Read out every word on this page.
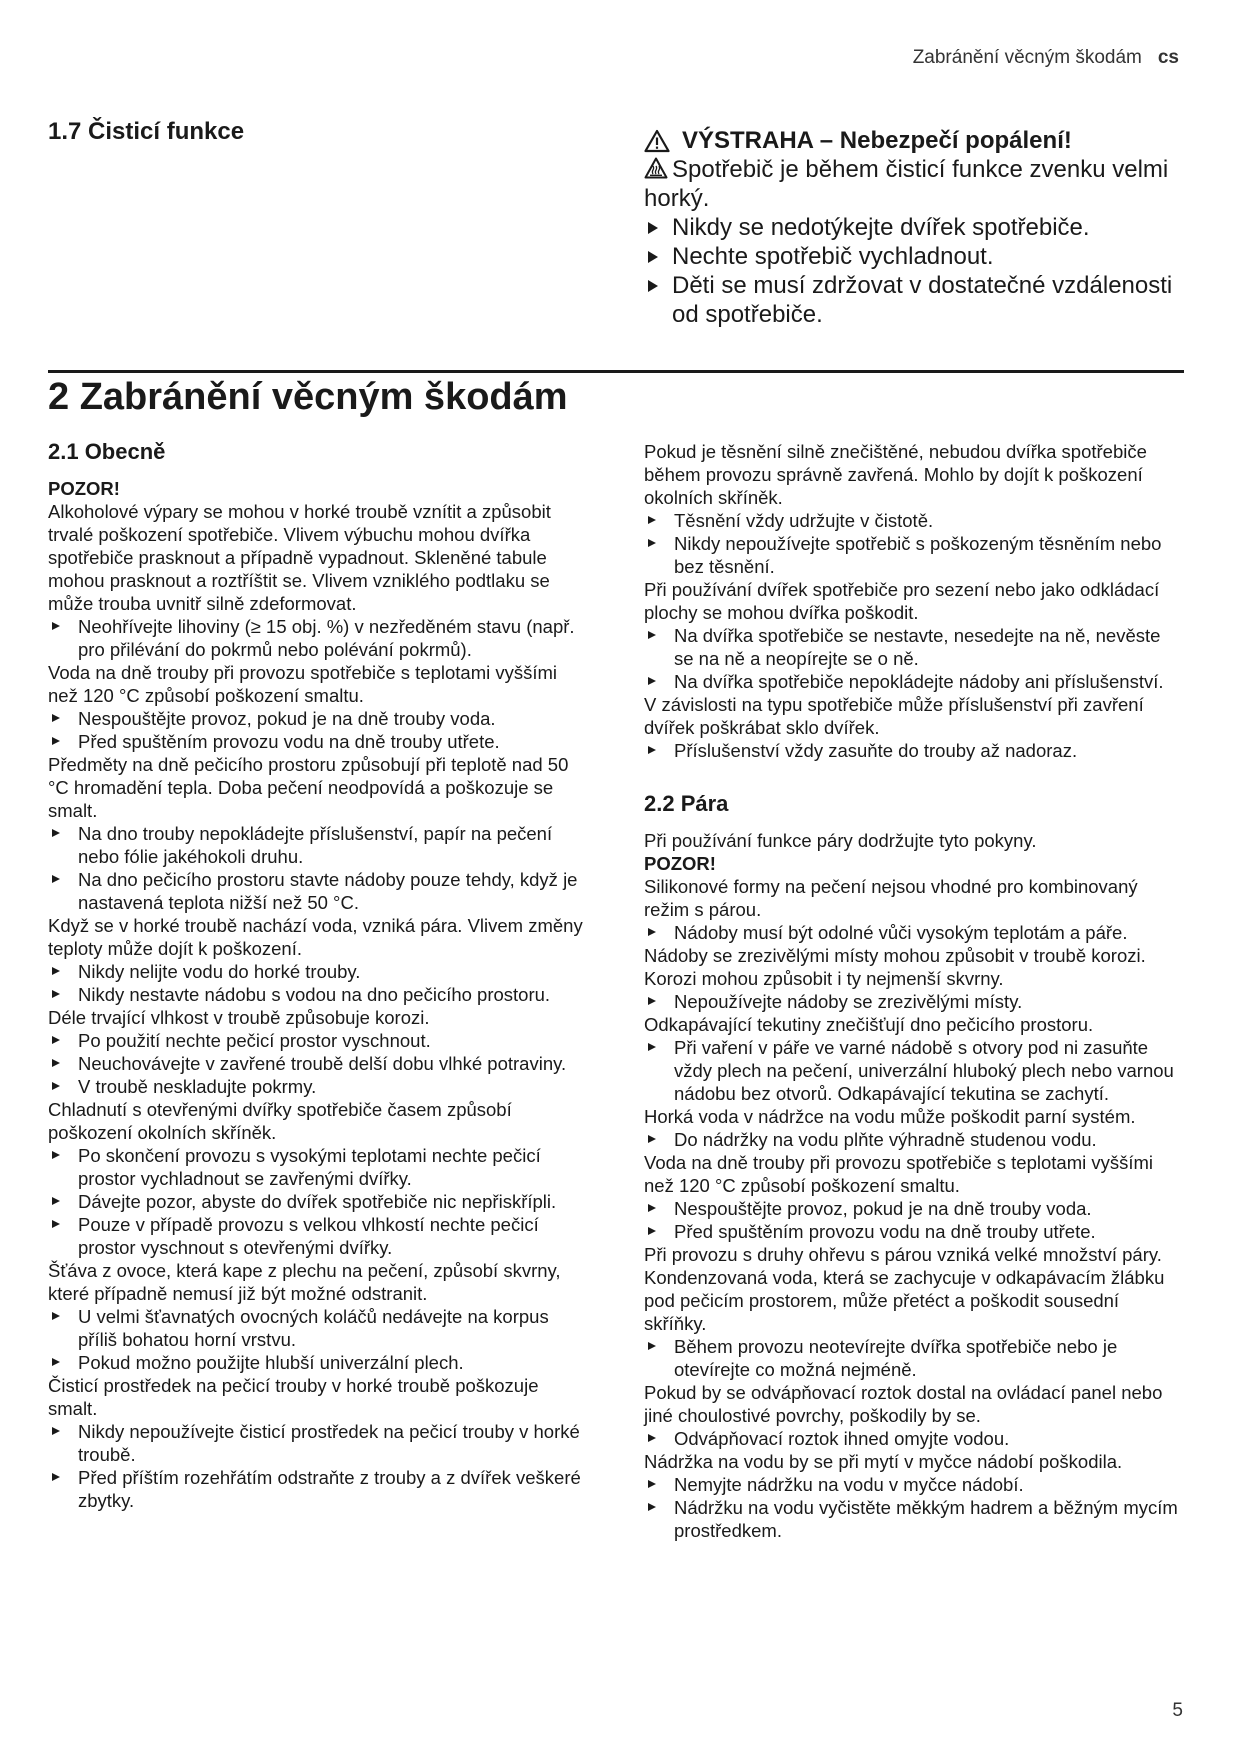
Zabránění věcným škodám cs
1.7 Čisticí funkce	VÝSTRAHA – Nebezpečí popálení!
Spotřebič je během čisticí funkce zvenku velmi horký.
Nikdy se nedotýkejte dvířek spotřebiče.
Nechte spotřebič vychladnout.
Děti se musí zdržovat v dostatečné vzdálenosti od spotřebiče.
2 Zabránění věcným škodám
2.1 Obecně
POZOR!
Alkoholové výpary se mohou v horké troubě vznítit a způsobit trvalé poškození spotřebiče. Vlivem výbuchu mohou dvířka spotřebiče prasknout a případně vypadnout. Skleněné tabule mohou prasknout a roztříštit se. Vlivem vzniklého podtlaku se může trouba uvnitř silně zdeformovat.
Neohřívejte lihoviny (≥ 15 obj. %) v nezředěném stavu (např. pro přilévání do pokrmů nebo polévání pokrmů).
Voda na dně trouby při provozu spotřebiče s teplotami vyššími než 120 °C způsobí poškození smaltu.
Nespouštějte provoz, pokud je na dně trouby voda.
Před spuštěním provozu vodu na dně trouby utřete.
Předměty na dně pečicího prostoru způsobují při teplotě nad 50 °C hromadění tepla. Doba pečení neodpovídá a poškozuje se smalt.
Na dno trouby nepokládejte příslušenství, papír na pečení nebo fólie jakéhokoli druhu.
Na dno pečicího prostoru stavte nádoby pouze tehdy, když je nastavená teplota nižší než 50 °C.
Když se v horké troubě nachází voda, vzniká pára. Vlivem změny teploty může dojít k poškození.
Nikdy nelijte vodu do horké trouby.
Nikdy nestavte nádobu s vodou na dno pečicího prostoru.
Déle trvající vlhkost v troubě způsobuje korozi.
Po použití nechte pečicí prostor vyschnout.
Neuchovávejte v zavřené troubě delší dobu vlhké potraviny.
V troubě neskladujte pokrmy.
Chladnutí s otevřenými dvířky spotřebiče časem způsobí poškození okolních skříněk.
Po skončení provozu s vysokými teplotami nechte pečicí prostor vychladnout se zavřenými dvířky.
Dávejte pozor, abyste do dvířek spotřebiče nic nepřiskřípli.
Pouze v případě provozu s velkou vlhkostí nechte pečicí prostor vyschnout s otevřenými dvířky.
Šťáva z ovoce, která kape z plechu na pečení, způsobí skvrny, které případně nemusí již být možné odstranit.
U velmi šťavnatých ovocných koláčů nedávejte na korpus příliš bohatou horní vrstvu.
Pokud možno použijte hlubší univerzální plech.
Čisticí prostředek na pečicí trouby v horké troubě poškozuje smalt.
Nikdy nepoužívejte čisticí prostředek na pečicí trouby v horké troubě.
Před příštím rozehřátím odstraňte z trouby a z dvířek veškeré zbytky.
Pokud je těsnění silně znečištěné, nebudou dvířka spotřebiče během provozu správně zavřená. Mohlo by dojít k poškození okolních skříněk.
Těsnění vždy udržujte v čistotě.
Nikdy nepoužívejte spotřebič s poškozeným těsněním nebo bez těsnění.
Při používání dvířek spotřebiče pro sezení nebo jako odkládací plochy se mohou dvířka poškodit.
Na dvířka spotřebiče se nestavte, nesedejte na ně, nevěste se na ně a neopírejte se o ně.
Na dvířka spotřebiče nepokládejte nádoby ani příslušenství.
V závislosti na typu spotřebiče může příslušenství při zavření dvířek poškrábat sklo dvířek.
Příslušenství vždy zasuňte do trouby až nadoraz.
2.2 Pára
Při používání funkce páry dodržujte tyto pokyny.
POZOR!
Silikonové formy na pečení nejsou vhodné pro kombinovaný režim s párou.
Nádoby musí být odolné vůči vysokým teplotám a páře.
Nádoby se zrezivělými místy mohou způsobit v troubě korozi. Korozi mohou způsobit i ty nejmenší skvrny.
Nepoužívejte nádoby se zrezivělými místy.
Odkapávající tekutiny znečišťují dno pečicího prostoru.
Při vaření v páře ve varné nádobě s otvory pod ni zasuňte vždy plech na pečení, univerzální hluboký plech nebo varnou nádobu bez otvorů. Odkapávající tekutina se zachytí.
Horká voda v nádržce na vodu může poškodit parní systém.
Do nádržky na vodu plňte výhradně studenou vodu.
Voda na dně trouby při provozu spotřebiče s teplotami vyššími než 120 °C způsobí poškození smaltu.
Nespouštějte provoz, pokud je na dně trouby voda.
Před spuštěním provozu vodu na dně trouby utřete.
Při provozu s druhy ohřevu s párou vzniká velké množství páry. Kondenzovaná voda, která se zachycuje v odkapávacím žlábku pod pečicím prostorem, může přetéct a poškodit sousední skříňky.
Během provozu neotevírejte dvířka spotřebiče nebo je otevírejte co možná nejméně.
Pokud by se odvápňovací roztok dostal na ovládací panel nebo jiné choulostivé povrchy, poškodily by se.
Odvápňovací roztok ihned omyjte vodou.
Nádržka na vodu by se při mytí v myčce nádobí poškodila.
Nemyjte nádržku na vodu v myčce nádobí.
Nádržku na vodu vyčistěte měkkým hadrem a běžným mycím prostředkem.
5
